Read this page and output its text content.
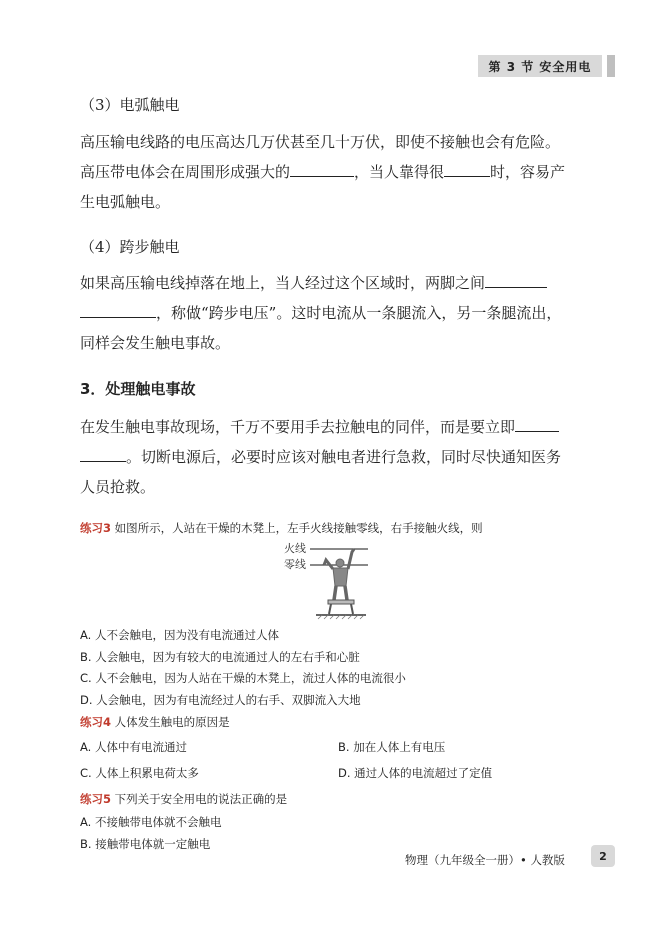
第 3 节 安全用电
（3）电弧触电
高压输电线路的电压高达几万伏甚至几十万伏，即使不接触也会有危险。
高压带电体会在周围形成强大的	，当人靠得很	时，容易产
生电弧触电。
（4）跨步触电
如果高压输电线掉落在地上，当人经过这个区域时，两脚之间
，称做“跨步电压”。这时电流从一条腿流入，另一条腿流出，
同样会发生触电事故。
3．处理触电事故
在发生触电事故现场，千万不要用手去拉触电的同伴，而是要立即
。切断电源后，必要时应该对触电者进行急救，同时尽快通知医务
人员抢救。
练习3 如图所示，人站在干燥的木凳上，左手火线接触零线，右手接触火线，则
火线
零线
A. 人不会触电，因为没有电流通过人体
B. 人会触电，因为有较大的电流通过人的左右手和心脏
C. 人不会触电，因为人站在干燥的木凳上，流过人体的电流很小
D. 人会触电，因为有电流经过人的右手、双脚流入大地
练习4 人体发生触电的原因是
A. 人体中有电流通过	B. 加在人体上有电压
C. 人体上积累电荷太多	D. 通过人体的电流超过了定值
练习5 下列关于安全用电的说法正确的是
A. 不接触带电体就不会触电
B. 接触带电体就一定触电
物理（九年级全一册）• 人教版	2
